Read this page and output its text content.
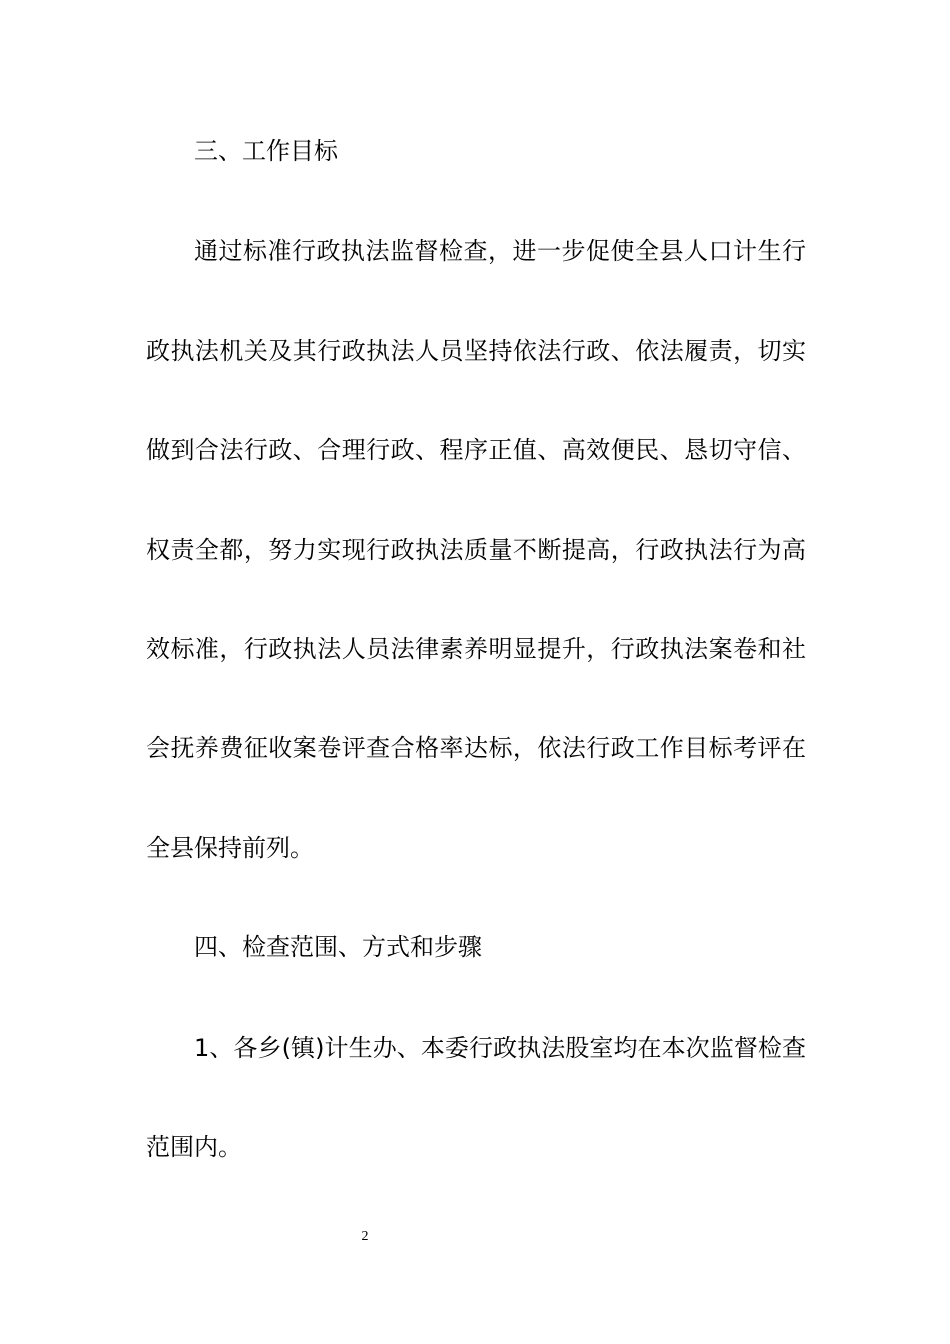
三、工作目标
通过标准行政执法监督检查，进一步促使全县人口计生行
政执法机关及其行政执法人员坚持依法行政、依法履责，切实
做到合法行政、合理行政、程序正值、高效便民、恳切守信、
权责全都，努力实现行政执法质量不断提高，行政执法行为高
效标准，行政执法人员法律素养明显提升，行政执法案卷和社
会抚养费征收案卷评查合格率达标，依法行政工作目标考评在
全县保持前列。
四、检查范围、方式和步骤
1、各乡(镇)计生办、本委行政执法股室均在本次监督检查
范围内。
2
